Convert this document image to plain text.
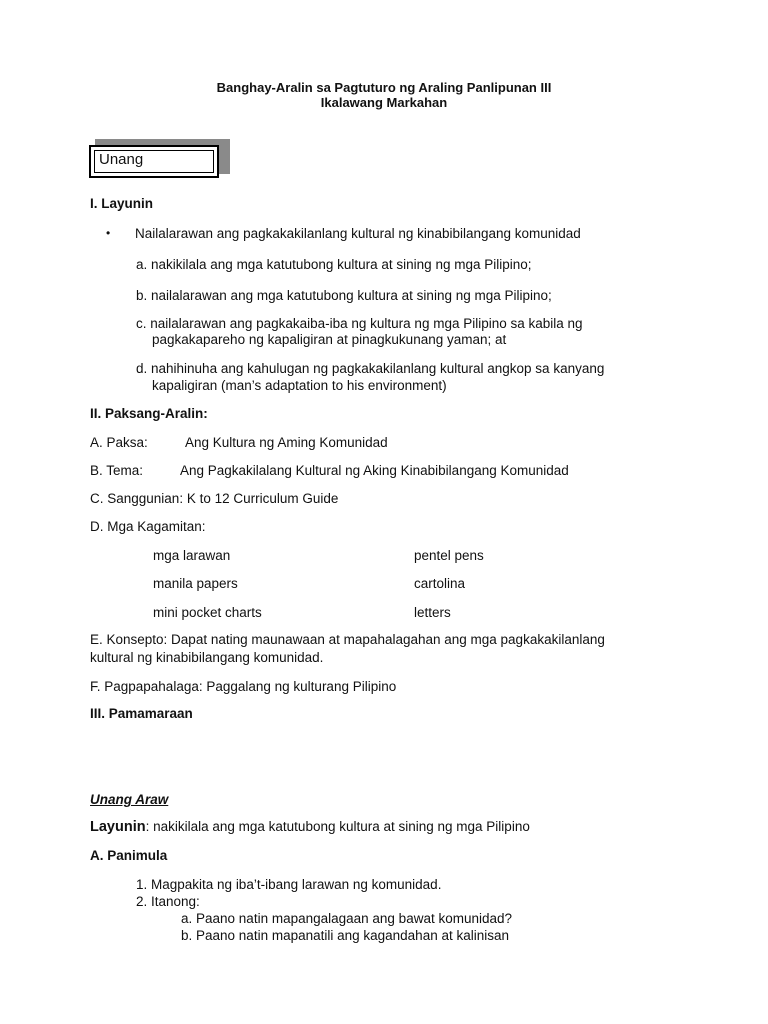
Banghay-Aralin sa Pagtuturo ng Araling Panlipunan III
Ikalawang Markahan
Unang
I. Layunin
• Nailalarawan ang pagkakakilanlang kultural ng kinabibilangang komunidad
a. nakikilala ang mga katutubong kultura at sining ng mga Pilipino;
b. nailalarawan ang mga katutubong kultura at sining ng mga Pilipino;
c. nailalarawan ang pagkakaiba-iba ng kultura ng mga Pilipino sa kabila ng
pagkakapareho ng kapaligiran at pinagkukunang yaman; at
d. nahihinuha ang kahulugan ng pagkakakilanlang kultural angkop sa kanyang
kapaligiran (man’s adaptation to his environment)
II. Paksang-Aralin:
A. Paksa:	Ang Kultura ng Aming Komunidad
B. Tema:	Ang Pagkakilalang Kultural ng Aking Kinabibilangang Komunidad
C. Sanggunian: K to 12 Curriculum Guide
D. Mga Kagamitan:
mga larawan
manila papers
mini pocket charts
pentel pens
cartolina
letters
E. Konsepto: Dapat nating maunawaan at mapahalagahan ang mga pagkakakilanlang
kultural ng kinabibilangang komunidad.
F. Pagpapahalaga: Paggalang ng kulturang Pilipino
III. Pamamaraan
Unang Araw
Layunin: nakikilala ang mga katutubong kultura at sining ng mga Pilipino
A. Panimula
1. Magpakita ng iba’t-ibang larawan ng komunidad.
2. Itanong:
a. Paano natin mapangalagaan ang bawat komunidad?
b. Paano natin mapanatili ang kagandahan at kalinisan
